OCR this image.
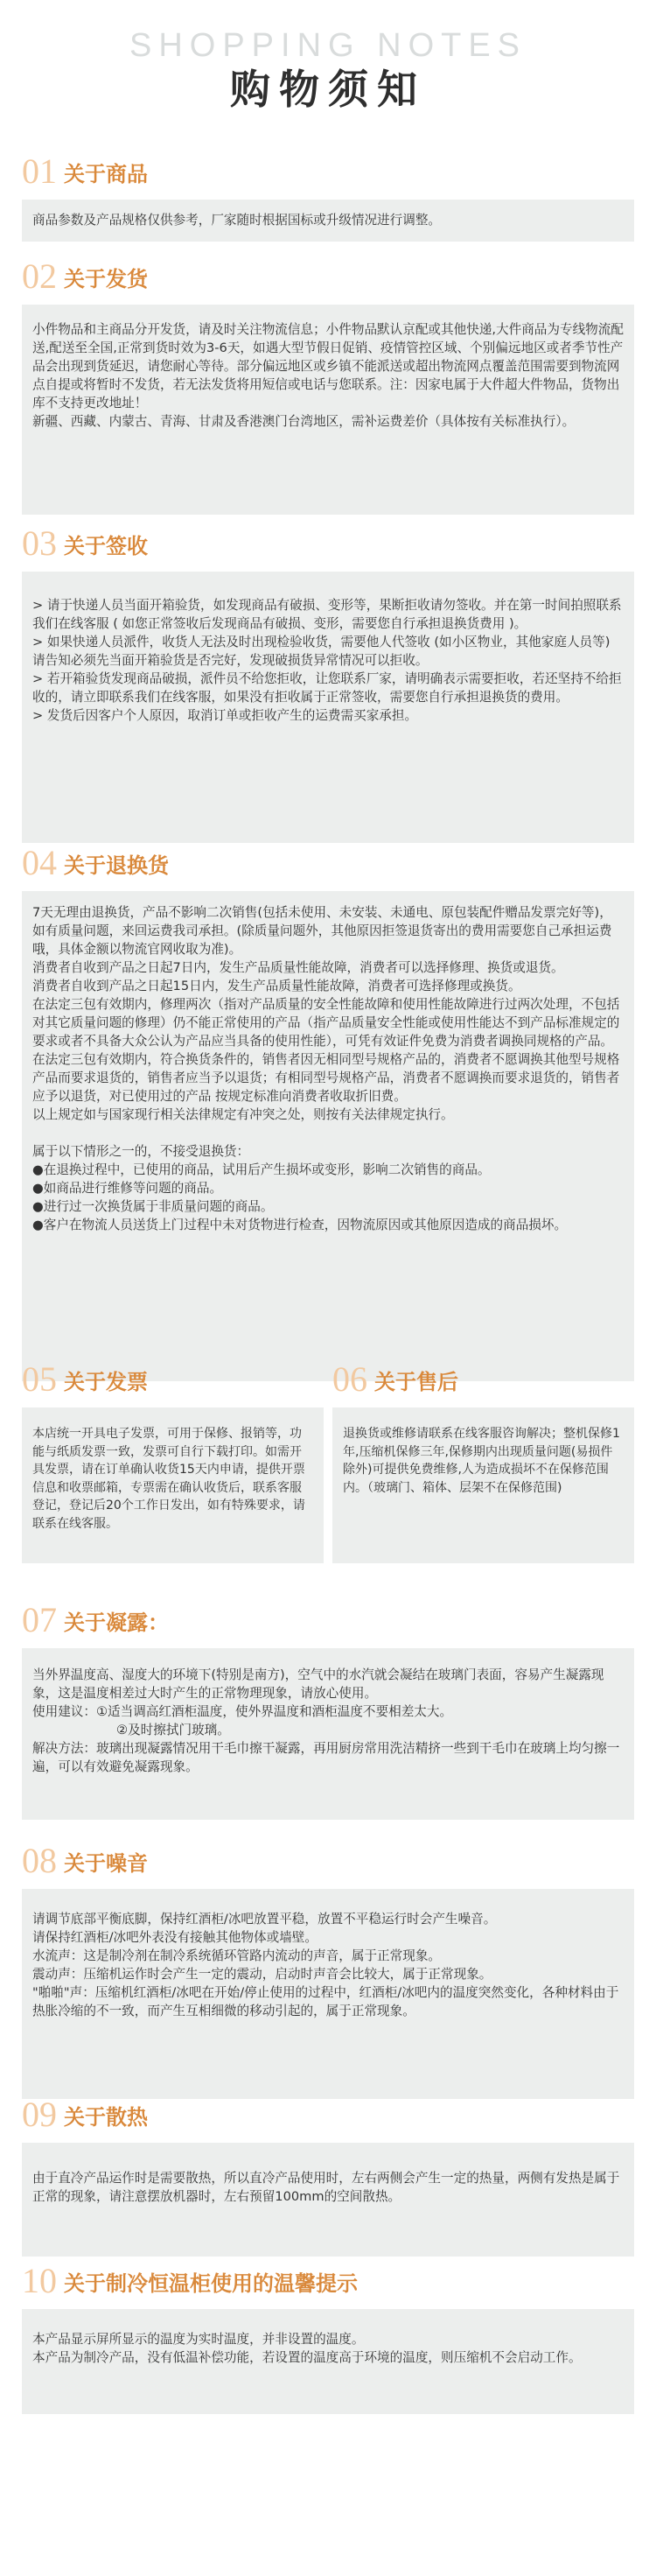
SHOPPING NOTES
购物须知
01 关于商品

商品参数及产品规格仅供参考，厂家随时根据国标或升级情况进行调整。

02 关于发货

小件物品和主商品分开发货，请及时关注物流信息；小件物品默认京配或其他快递,大件商品为专线物流配送,配送至全国,正常到货时效为3-6天，如遇大型节假日促销、疫情管控区域、个别偏远地区或者季节性产品会出现到货延迟，请您耐心等待。部分偏远地区或乡镇不能派送或超出物流网点覆盖范围需要到物流网点自提或将暂时不发货，若无法发货将用短信或电话与您联系。注：因家电属于大件超大件物品，货物出库不支持更改地址！

新疆、西藏、内蒙古、青海、甘肃及香港澳门台湾地区，需补运费差价（具体按有关标准执行）。

03 关于签收

> 请于快递人员当面开箱验货，如发现商品有破损、变形等，果断拒收请勿签收。并在第一时间拍照联系我们在线客服 ( 如您正常签收后发现商品有破损、变形，需要您自行承担退换货费用 )。

> 如果快递人员派件，收货人无法及时出现检验收货，需要他人代签收 (如小区物业，其他家庭人员等) 请告知必须先当面开箱验货是否完好，发现破损货异常情况可以拒收。

> 若开箱验货发现商品破损，派件员不给您拒收，让您联系厂家，请明确表示需要拒收，若还坚持不给拒收的，请立即联系我们在线客服，如果没有拒收属于正常签收，需要您自行承担退换货的费用。

> 发货后因客户个人原因，取消订单或拒收产生的运费需买家承担。

04 关于退换货

7天无理由退换货，产品不影响二次销售(包括未使用、未安装、未通电、原包装配件赠品发票完好等)，如有质量问题，来回运费我司承担。(除质量问题外，其他原因拒签退货寄出的费用需要您自己承担运费哦，具体金额以物流官网收取为准)。

消费者自收到产品之日起7日内，发生产品质量性能故障，消费者可以选择修理、换货或退货。

消费者自收到产品之日起15日内，发生产品质量性能故障，消费者可选择修理或换货。

在法定三包有效期内，修理两次（指对产品质量的安全性能故障和使用性能故障进行过两次处理，不包括对其它质量问题的修理）仍不能正常使用的产品（指产品质量安全性能或使用性能达不到产品标准规定的要求或者不具备大众公认为产品应当具备的使用性能），可凭有效证件免费为消费者调换同规格的产品。

在法定三包有效期内，符合换货条件的，销售者因无相同型号规格产品的，消费者不愿调换其他型号规格产品而要求退货的，销售者应当予以退货；有相同型号规格产品，消费者不愿调换而要求退货的，销售者应予以退货，对已使用过的产品 按规定标准向消费者收取折旧费。

以上规定如与国家现行相关法律规定有冲突之处，则按有关法律规定执行。

属于以下情形之一的，不接受退换货：

●在退换过程中，已使用的商品，试用后产生损坏或变形，影响二次销售的商品。

●如商品进行维修等问题的商品。

●进行过一次换货属于非质量问题的商品。

●客户在物流人员送货上门过程中未对货物进行检查，因物流原因或其他原因造成的商品损坏。

05 关于发票

本店统一开具电子发票，可用于保修、报销等，功能与纸质发票一致，发票可自行下载打印。如需开具发票，请在订单确认收货15天内申请，提供开票信息和收票邮箱，专票需在确认收货后，联系客服登记，登记后20个工作日发出，如有特殊要求，请联系在线客服。

06 关于售后

退换货或维修请联系在线客服咨询解决；整机保修1年,压缩机保修三年,保修期内出现质量问题(易损件除外)可提供免费维修,人为造成损坏不在保修范围内。（玻璃门、箱体、层架不在保修范围)

07 关于凝露：

当外界温度高、湿度大的环境下(特别是南方)，空气中的水汽就会凝结在玻璃门表面，容易产生凝露现象，这是温度相差过大时产生的正常物理现象，请放心使用。

使用建议：①适当调高红酒柜温度，使外界温度和酒柜温度不要相差太大。

②及时擦拭门玻璃。

解决方法：玻璃出现凝露情况用干毛巾擦干凝露，再用厨房常用洗洁精挤一些到干毛巾在玻璃上均匀擦一遍，可以有效避免凝露现象。

08 关于噪音

请调节底部平衡底脚，保持红酒柜/冰吧放置平稳，放置不平稳运行时会产生噪音。

请保持红酒柜/冰吧外表没有接触其他物体或墙壁。

水流声：这是制冷剂在制冷系统循环管路内流动的声音，属于正常现象。

震动声：压缩机运作时会产生一定的震动，启动时声音会比较大，属于正常现象。

"啪啪"声：压缩机红酒柜/冰吧在开始/停止使用的过程中，红酒柜/冰吧内的温度突然变化，各种材料由于热胀冷缩的不一致，而产生互相细微的移动引起的，属于正常现象。

09 关于散热

由于直冷产品运作时是需要散热，所以直冷产品使用时，左右两侧会产生一定的热量，两侧有发热是属于正常的现象，请注意摆放机器时，左右预留100mm的空间散热。

10 关于制冷恒温柜使用的温馨提示

本产品显示屏所显示的温度为实时温度，并非设置的温度。

本产品为制冷产品，没有低温补偿功能，若设置的温度高于环境的温度，则压缩机不会启动工作。
